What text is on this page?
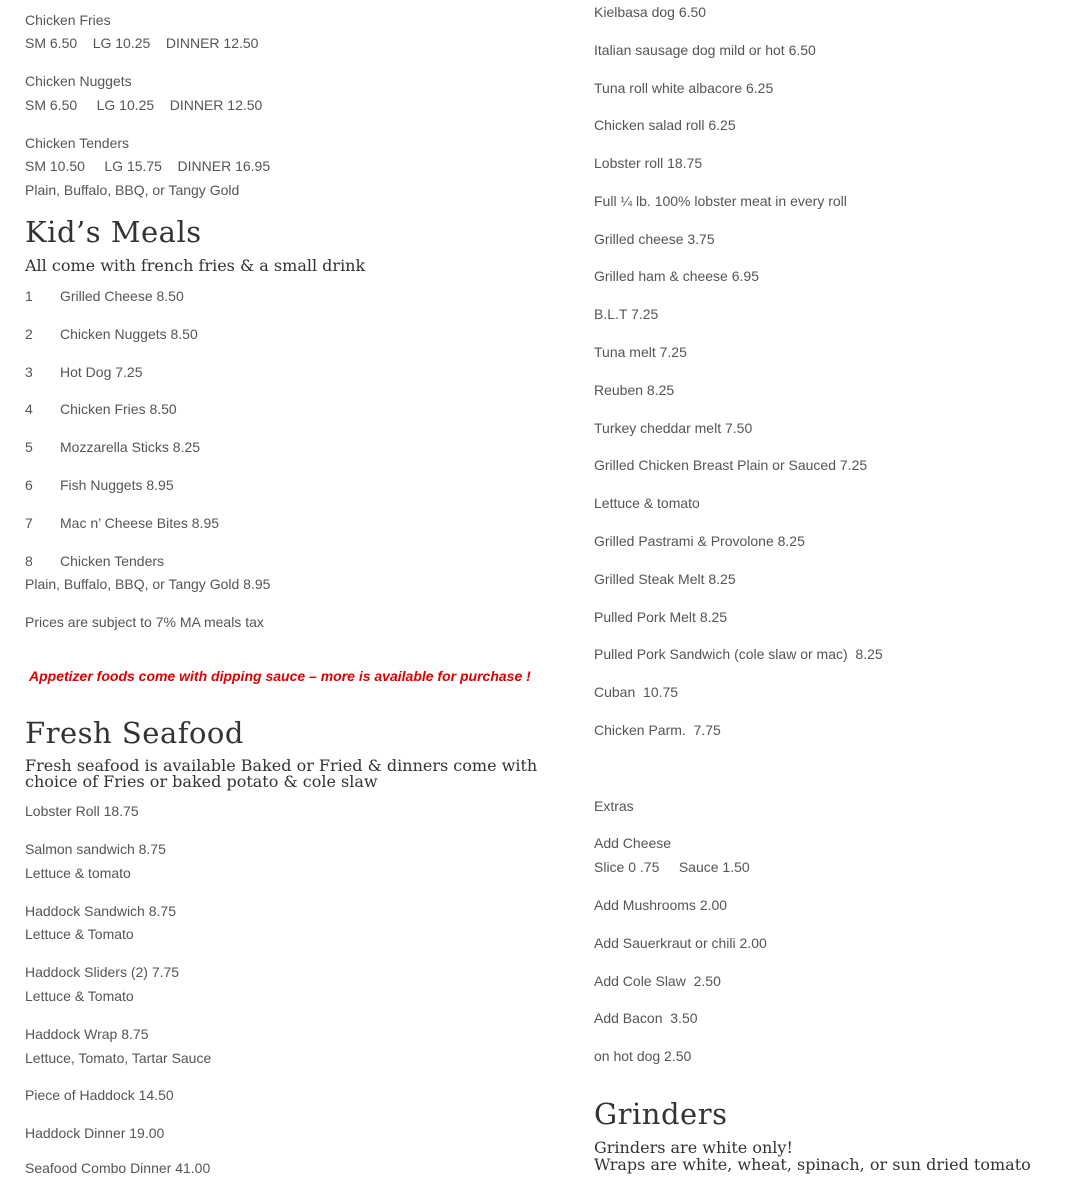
Chicken Fries
SM 6.50    LG 10.25    DINNER 12.50
Chicken Nuggets
SM 6.50     LG 10.25    DINNER 12.50
Chicken Tenders
SM 10.50     LG 15.75    DINNER 16.95
Plain, Buffalo, BBQ, or Tangy Gold
Kid’s Meals
All come with french fries & a small drink
1 Grilled Cheese 8.50
2 Chicken Nuggets 8.50
3 Hot Dog 7.25
4 Chicken Fries 8.50
5 Mozzarella Sticks 8.25
6 Fish Nuggets 8.95
7 Mac n’ Cheese Bites 8.95
8 Chicken Tenders
Plain, Buffalo, BBQ, or Tangy Gold 8.95
Prices are subject to 7% MA meals tax
Appetizer foods come with dipping sauce – more is available for purchase !
Fresh Seafood
Fresh seafood is available Baked or Fried & dinners come with
choice of Fries or baked potato & cole slaw
Lobster Roll 18.75
Salmon sandwich 8.75
Lettuce & tomato
Haddock Sandwich 8.75
Lettuce & Tomato
Haddock Sliders (2) 7.75
Lettuce & Tomato
Haddock Wrap 8.75
Lettuce, Tomato, Tartar Sauce
Piece of Haddock 14.50
Haddock Dinner 19.00
Seafood Combo Dinner 41.00
Kielbasa dog 6.50
Italian sausage dog mild or hot 6.50
Tuna roll white albacore 6.25
Chicken salad roll 6.25
Lobster roll 18.75
Full ¼ lb. 100% lobster meat in every roll
Grilled cheese 3.75
Grilled ham & cheese 6.95
B.L.T 7.25
Tuna melt 7.25
Reuben 8.25
Turkey cheddar melt 7.50
Grilled Chicken Breast Plain or Sauced 7.25
Lettuce & tomato
Grilled Pastrami & Provolone 8.25
Grilled Steak Melt 8.25
Pulled Pork Melt 8.25
Pulled Pork Sandwich (cole slaw or mac)  8.25
Cuban  10.75
Chicken Parm.  7.75
Extras
Add Cheese
Slice 0 .75     Sauce 1.50
Add Mushrooms 2.00
Add Sauerkraut or chili 2.00
Add Cole Slaw  2.50
Add Bacon  3.50
on hot dog 2.50
Grinders
Grinders are white only!
Wraps are white, wheat, spinach, or sun dried tomato
